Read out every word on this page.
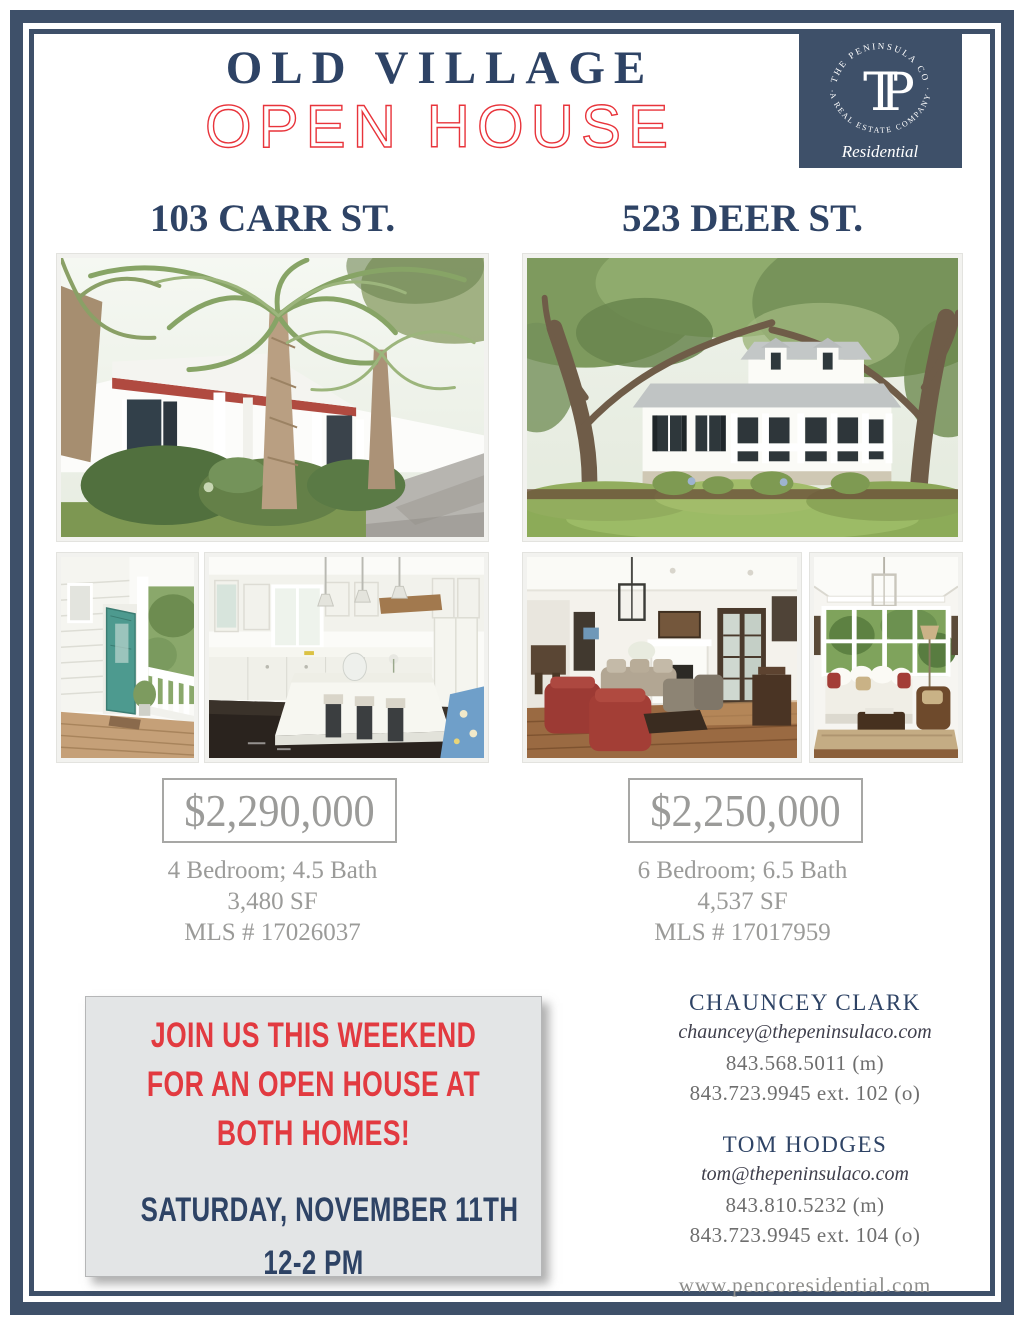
OLD VILLAGE
OPEN HOUSE
· THE PENINSULA CO ·
A REAL ESTATE COMPANY
TP
Residential
103 CARR ST.	523 DEER ST.
$2,290,000	$2,250,000
4 Bedroom; 4.5 Bath
3,480 SF
MLS # 17026037
6 Bedroom; 6.5 Bath
4,537 SF
MLS # 17017959
JOIN US THIS WEEKEND
FOR AN OPEN HOUSE AT
BOTH HOMES!
SATURDAY, NOVEMBER 11TH
12-2 PM
CHAUNCEY CLARK
chauncey@thepeninsulaco.com
843.568.5011 (m)
843.723.9945 ext. 102 (o)
TOM HODGES
tom@thepeninsulaco.com
843.810.5232 (m)
843.723.9945 ext. 104 (o)
www.pencoresidential.com
